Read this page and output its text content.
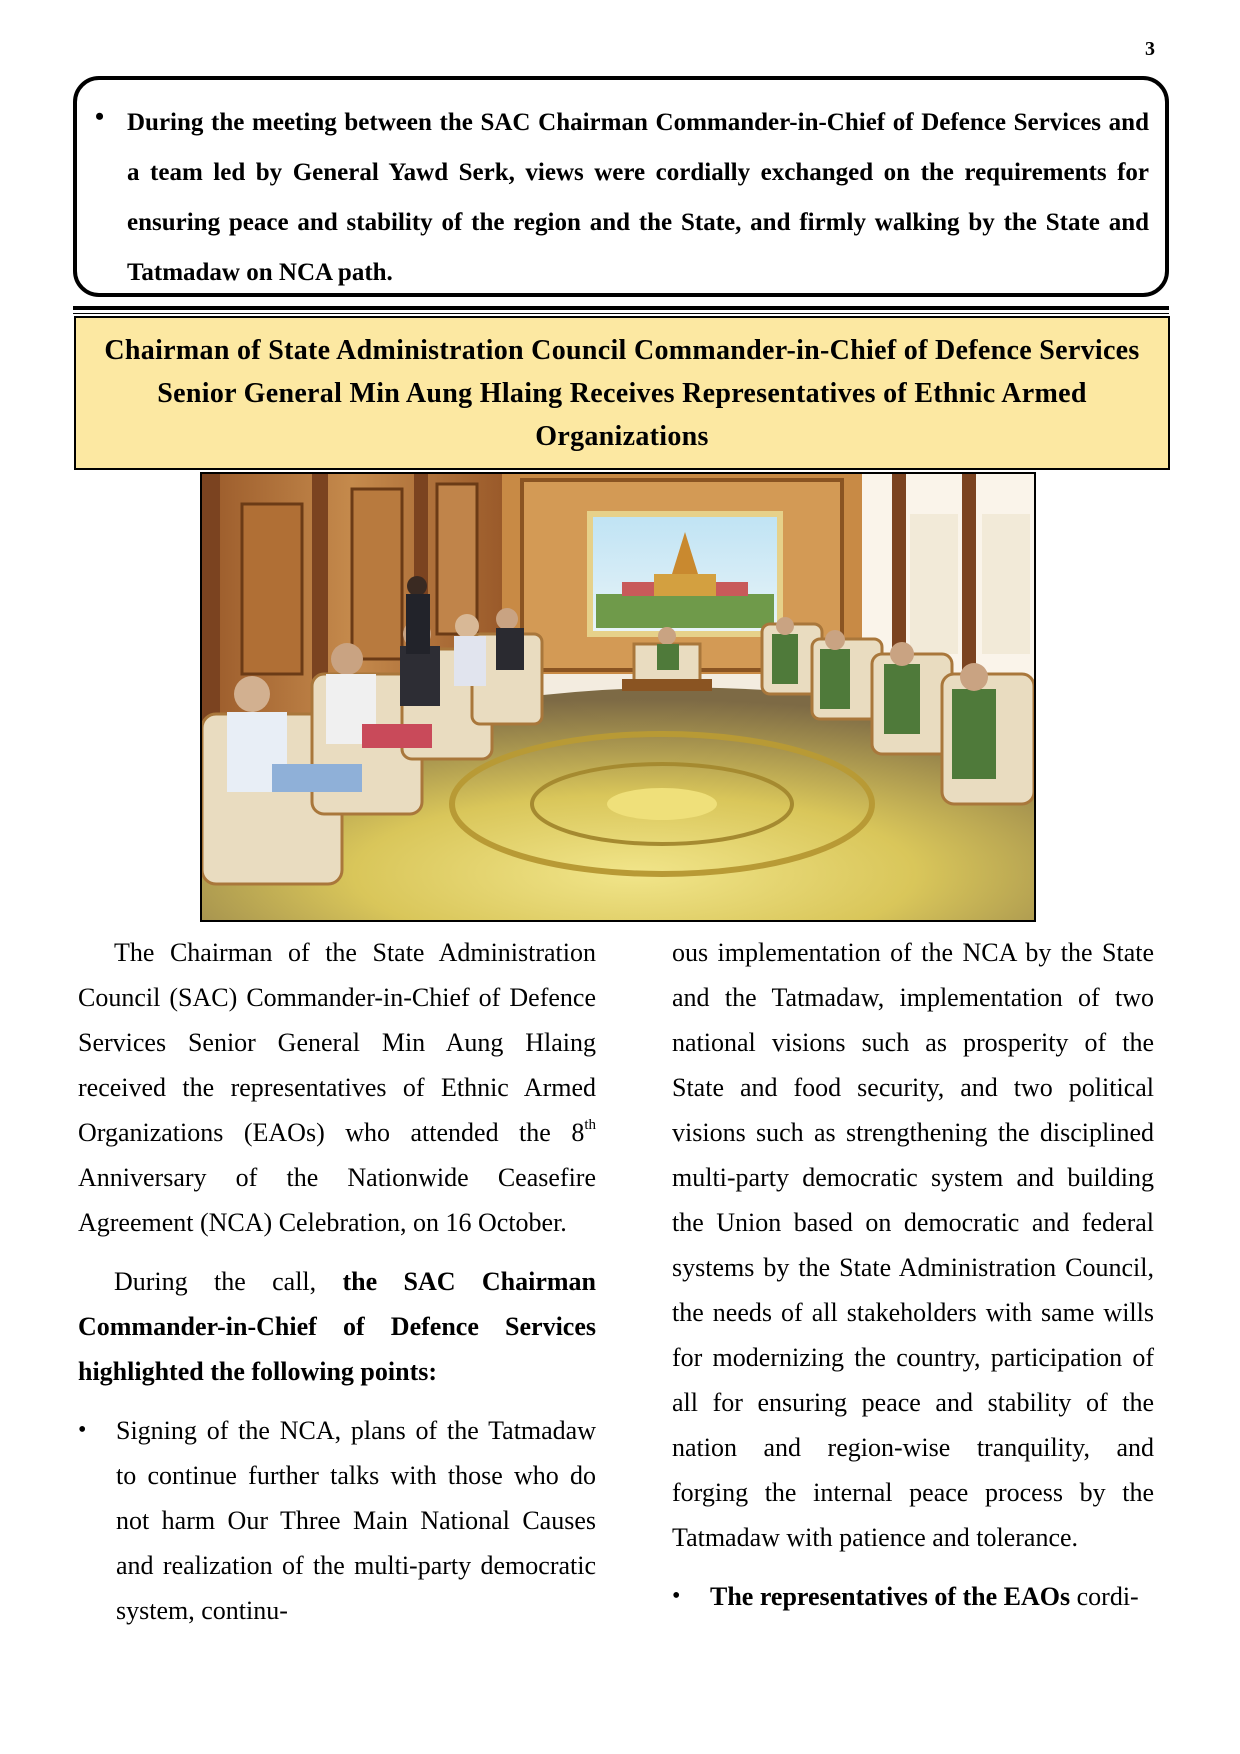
3
• During the meeting between the SAC Chairman Commander-in-Chief of Defence Services and a team led by General Yawd Serk, views were cordially exchanged on the requirements for ensuring peace and stability of the region and the State, and firmly walking by the State and Tatmadaw on NCA path.
Chairman of State Administration Council Commander-in-Chief of Defence Services Senior General Min Aung Hlaing Receives Representatives of Ethnic Armed Organizations

The Chairman of the State Administration Council (SAC) Commander-in-Chief of Defence Services Senior General Min Aung Hlaing received the representatives of Ethnic Armed Organizations (EAOs) who attended the 8th Anniversary of the Nationwide Ceasefire Agreement (NCA) Celebration, on 16 October.

During the call, the SAC Chairman Commander-in-Chief of Defence Services highlighted the following points:

• Signing of the NCA, plans of the Tatmadaw to continue further talks with those who do not harm Our Three Main National Causes and realization of the multi-party democratic system, continu-

ous implementation of the NCA by the State and the Tatmadaw, implementation of two national visions such as prosperity of the State and food security, and two political visions such as strengthening the disciplined multi-party democratic system and building the Union based on democratic and federal systems by the State Administration Council, the needs of all stakeholders with same wills for modernizing the country, participation of all for ensuring peace and stability of the nation and region-wise tranquility, and forging the internal peace process by the Tatmadaw with patience and tolerance.

• The representatives of the EAOs cordi-
